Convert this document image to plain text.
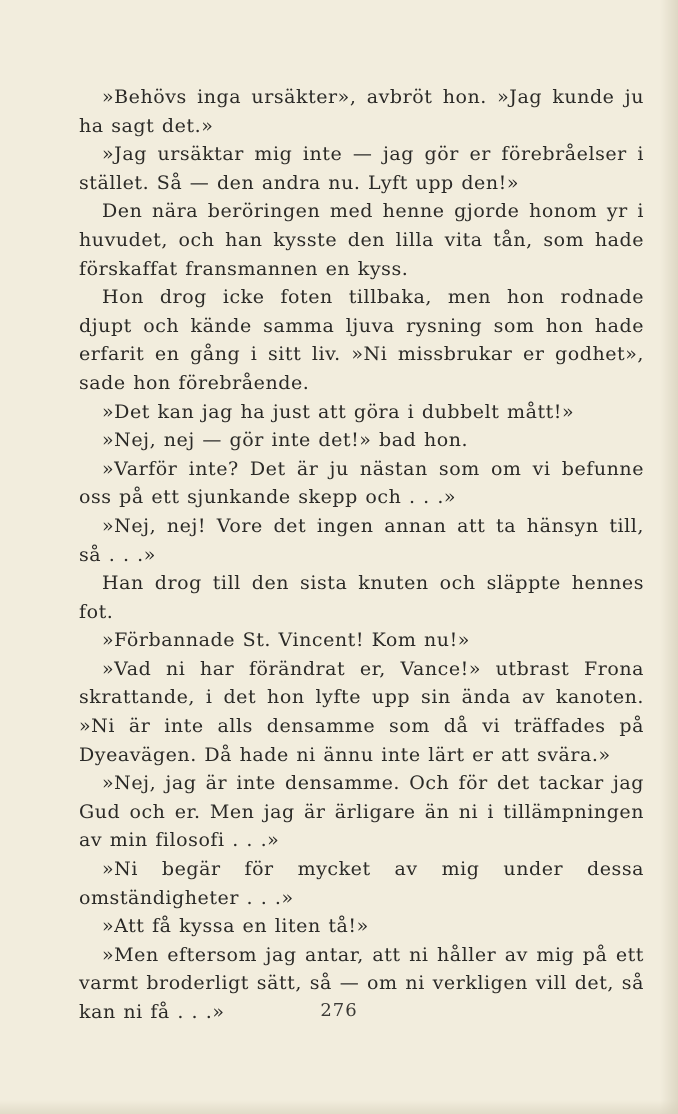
»Behövs inga ursäkter», avbröt hon. »Jag kunde ju ha sagt det.»

»Jag ursäktar mig inte — jag gör er förebråelser i stället. Så — den andra nu. Lyft upp den!»

Den nära beröringen med henne gjorde honom yr i huvudet, och han kysste den lilla vita tån, som hade förskaffat fransmannen en kyss.

Hon drog icke foten tillbaka, men hon rodnade djupt och kände samma ljuva rysning som hon hade erfarit en gång i sitt liv. »Ni missbrukar er godhet», sade hon förebrående.

»Det kan jag ha just att göra i dubbelt mått!»

»Nej, nej — gör inte det!» bad hon.

»Varför inte? Det är ju nästan som om vi befunne oss på ett sjunkande skepp och . . .»

»Nej, nej! Vore det ingen annan att ta hänsyn till, så . . .»

Han drog till den sista knuten och släppte hennes fot.

»Förbannade St. Vincent! Kom nu!»

»Vad ni har förändrat er, Vance!» utbrast Frona skrattande, i det hon lyfte upp sin ända av kanoten. »Ni är inte alls densamme som då vi träffades på Dyeavägen. Då hade ni ännu inte lärt er att svära.»

»Nej, jag är inte densamme. Och för det tackar jag Gud och er. Men jag är ärligare än ni i tillämpningen av min filosofi . . .»

»Ni begär för mycket av mig under dessa omständigheter . . .»

»Att få kyssa en liten tå!»

»Men eftersom jag antar, att ni håller av mig på ett varmt broderligt sätt, så — om ni verkligen vill det, så kan ni få . . .»	276
